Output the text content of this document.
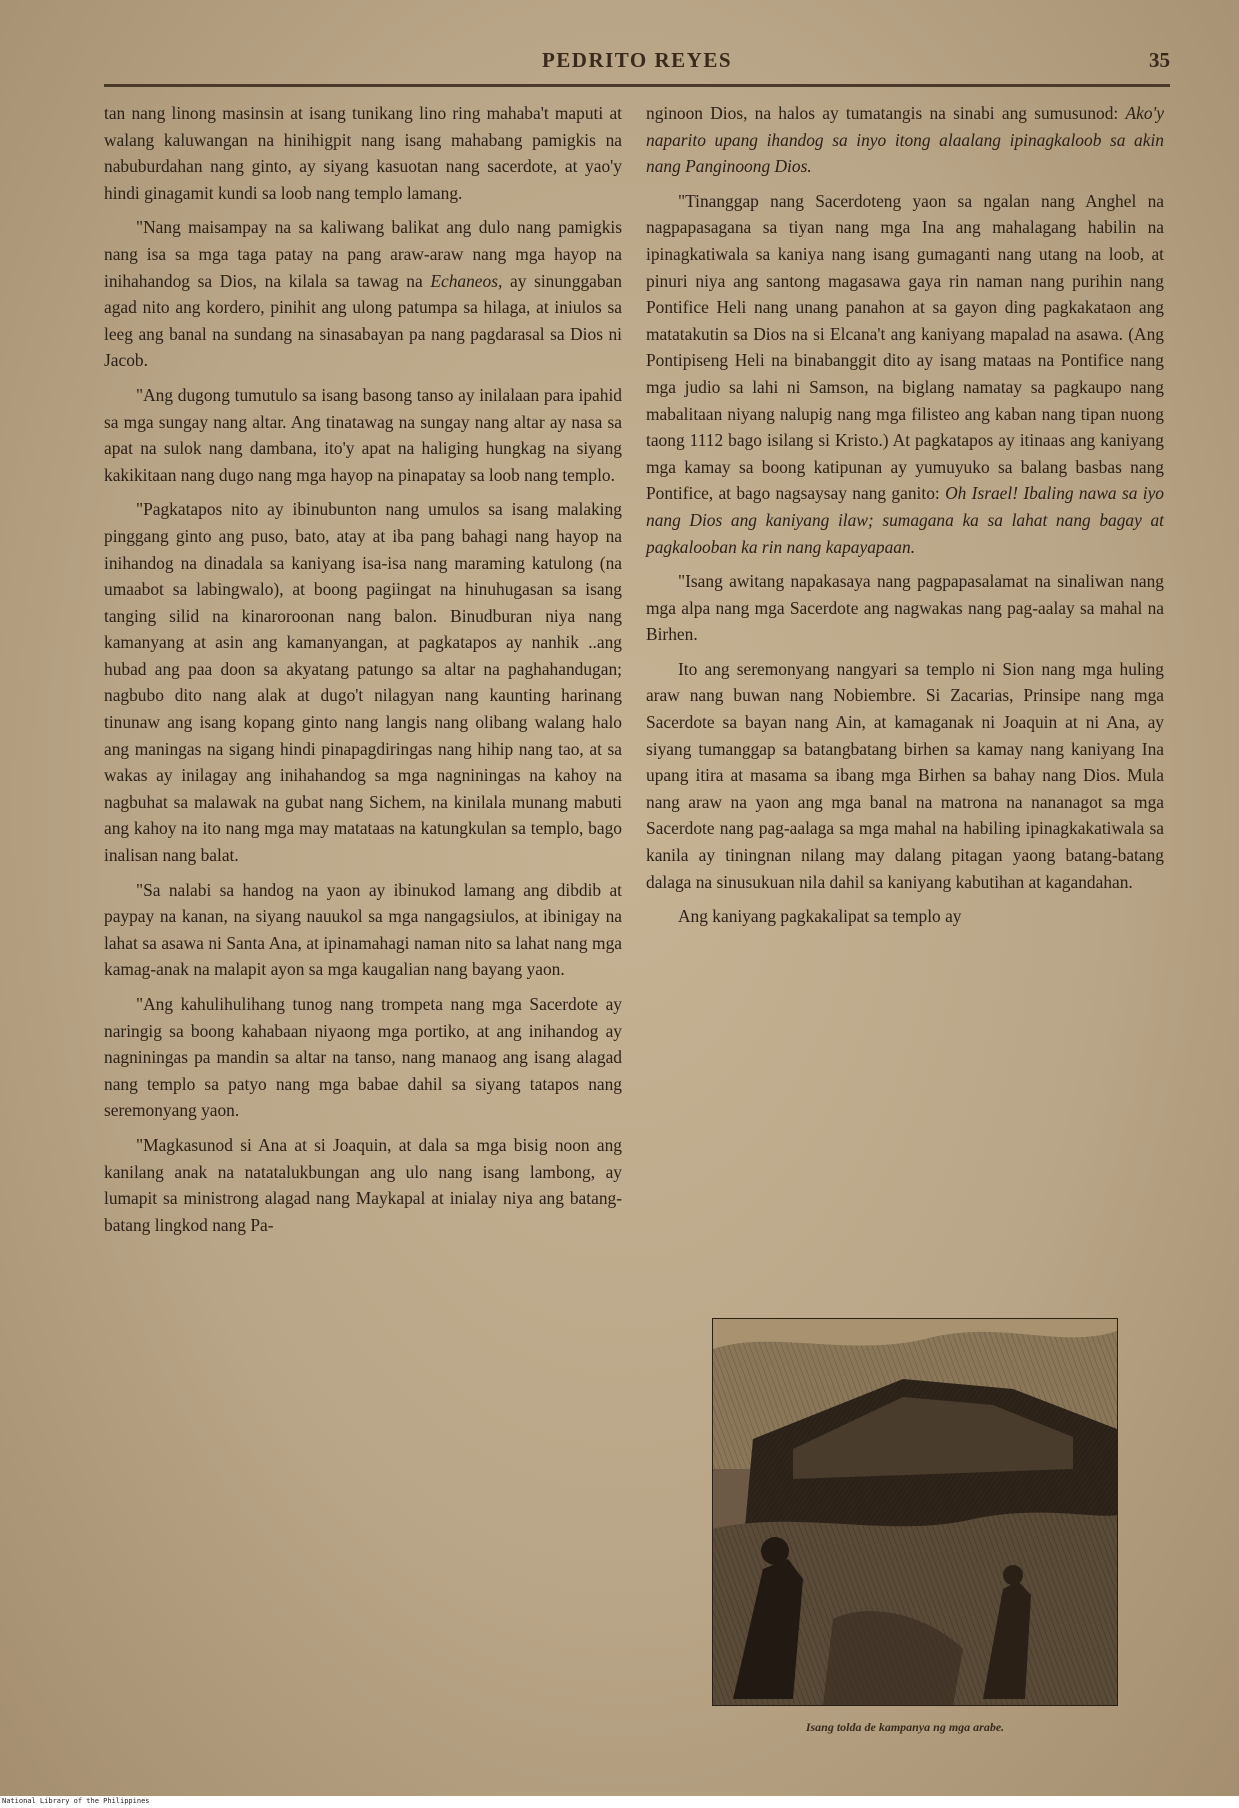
PEDRITO REYES	35

tan nang linong masinsin at isang tunikang lino ring mahaba't maputi at walang kaluwangan na hinihigpit nang isang mahabang pamigkis na nabuburdahan nang ginto, ay siyang kasuotan nang sacerdote, at yao'y hindi ginagamit kundi sa loob nang templo lamang.

"Nang maisampay na sa kaliwang balikat ang dulo nang pamigkis nang isa sa mga taga patay na pang araw-araw nang mga hayop na inihahandog sa Dios, na kilala sa tawag na Echaneos, ay sinunggaban agad nito ang kordero, pinihit ang ulong patumpa sa hilaga, at iniulos sa leeg ang banal na sundang na sinasabayan pa nang pagdarasal sa Dios ni Jacob.

"Ang dugong tumutulo sa isang basong tanso ay inilalaan para ipahid sa mga sungay nang altar. Ang tinatawag na sungay nang altar ay nasa sa apat na sulok nang dambana, ito'y apat na haliging hungkag na siyang kakikitaan nang dugo nang mga hayop na pinapatay sa loob nang templo.

"Pagkatapos nito ay ibinubunton nang umulos sa isang malaking pinggang ginto ang puso, bato, atay at iba pang bahagi nang hayop na inihandog na dinadala sa kaniyang isa-isa nang maraming katulong (na umaabot sa labingwalo), at boong pagiingat na hinuhugasan sa isang tanging silid na kinaroroonan nang balon. Binudburan niya nang kamanyang at asin ang kamanyangan, at pagkatapos ay nanhik ..ang hubad ang paa doon sa akyatang patungo sa altar na paghahandugan; nagbubo dito nang alak at dugo't nilagyan nang kaunting harinang tinunaw ang isang kopang ginto nang langis nang olibang walang halo ang maningas na sigang hindi pinapagdiringas nang hihip nang tao, at sa wakas ay inilagay ang inihahandog sa mga nagniningas na kahoy na nagbuhat sa malawak na gubat nang Sichem, na kinilala munang mabuti ang kahoy na ito nang mga may matataas na katungkulan sa templo, bago inalisan nang balat.

"Sa nalabi sa handog na yaon ay ibinukod lamang ang dibdib at paypay na kanan, na siyang nauukol sa mga nangagsiulos, at ibinigay na lahat sa asawa ni Santa Ana, at ipinamahagi naman nito sa lahat nang mga kamag-anak na malapit ayon sa mga kaugalian nang bayang yaon.

"Ang kahulihulihang tunog nang trompeta nang mga Sacerdote ay naringig sa boong kahabaan niyaong mga portiko, at ang inihandog ay nagniningas pa mandin sa altar na tanso, nang manaog ang isang alagad nang templo sa patyo nang mga babae dahil sa siyang tatapos nang seremonyang yaon.

"Magkasunod si Ana at si Joaquin, at dala sa mga bisig noon ang kanilang anak na natatalukbungan ang ulo nang isang lambong, ay lumapit sa ministrong alagad nang Maykapal at inialay niya ang batang-batang lingkod nang Pa-

nginoon Dios, na halos ay tumatangis na sinabi ang sumusunod: Ako'y naparito upang ihandog sa inyo itong alaalang ipinagkaloob sa akin nang Panginoong Dios.

"Tinanggap nang Sacerdoteng yaon sa ngalan nang Anghel na nagpapasagana sa tiyan nang mga Ina ang mahalagang habilin na ipinagkatiwala sa kaniya nang isang gumaganti nang utang na loob, at pinuri niya ang santong magasawa gaya rin naman nang purihin nang Pontifice Heli nang unang panahon at sa gayon ding pagkakataon ang matatakutin sa Dios na si Elcana't ang kaniyang mapalad na asawa. (Ang Pontipiseng Heli na binabanggit dito ay isang mataas na Pontifice nang mga judio sa lahi ni Samson, na biglang namatay sa pagkaupo nang mabalitaan niyang nalupig nang mga filisteo ang kaban nang tipan nuong taong 1112 bago isilang si Kristo.) At pagkatapos ay itinaas ang kaniyang mga kamay sa boong katipunan ay yumuyuko sa balang basbas nang Pontifice, at bago nagsaysay nang ganito: Oh Israel! Ibaling nawa sa iyo nang Dios ang kaniyang ilaw; sumagana ka sa lahat nang bagay at pagkalooban ka rin nang kapayapaan.

"Isang awitang napakasaya nang pagpapasalamat na sinaliwan nang mga alpa nang mga Sacerdote ang nagwakas nang pag-aalay sa mahal na Birhen.

Ito ang seremonyang nangyari sa templo ni Sion nang mga huling araw nang buwan nang Nobiembre. Si Zacarias, Prinsipe nang mga Sacerdote sa bayan nang Ain, at kamaganak ni Joaquin at ni Ana, ay siyang tumanggap sa batangbatang birhen sa kamay nang kaniyang Ina upang itira at masama sa ibang mga Birhen sa bahay nang Dios. Mula nang araw na yaon ang mga banal na matrona na nananagot sa mga Sacerdote nang pag-aalaga sa mga mahal na habiling ipinagkakatiwala sa kanila ay tiningnan nilang may dalang pitagan yaong batang-batang dalaga na sinusukuan nila dahil sa kaniyang kabutihan at kagandahan.

Ang kaniyang pagkakalipat sa templo ay

Isang tolda de kampanya ng mga arabe.
National Library of the Philippines
